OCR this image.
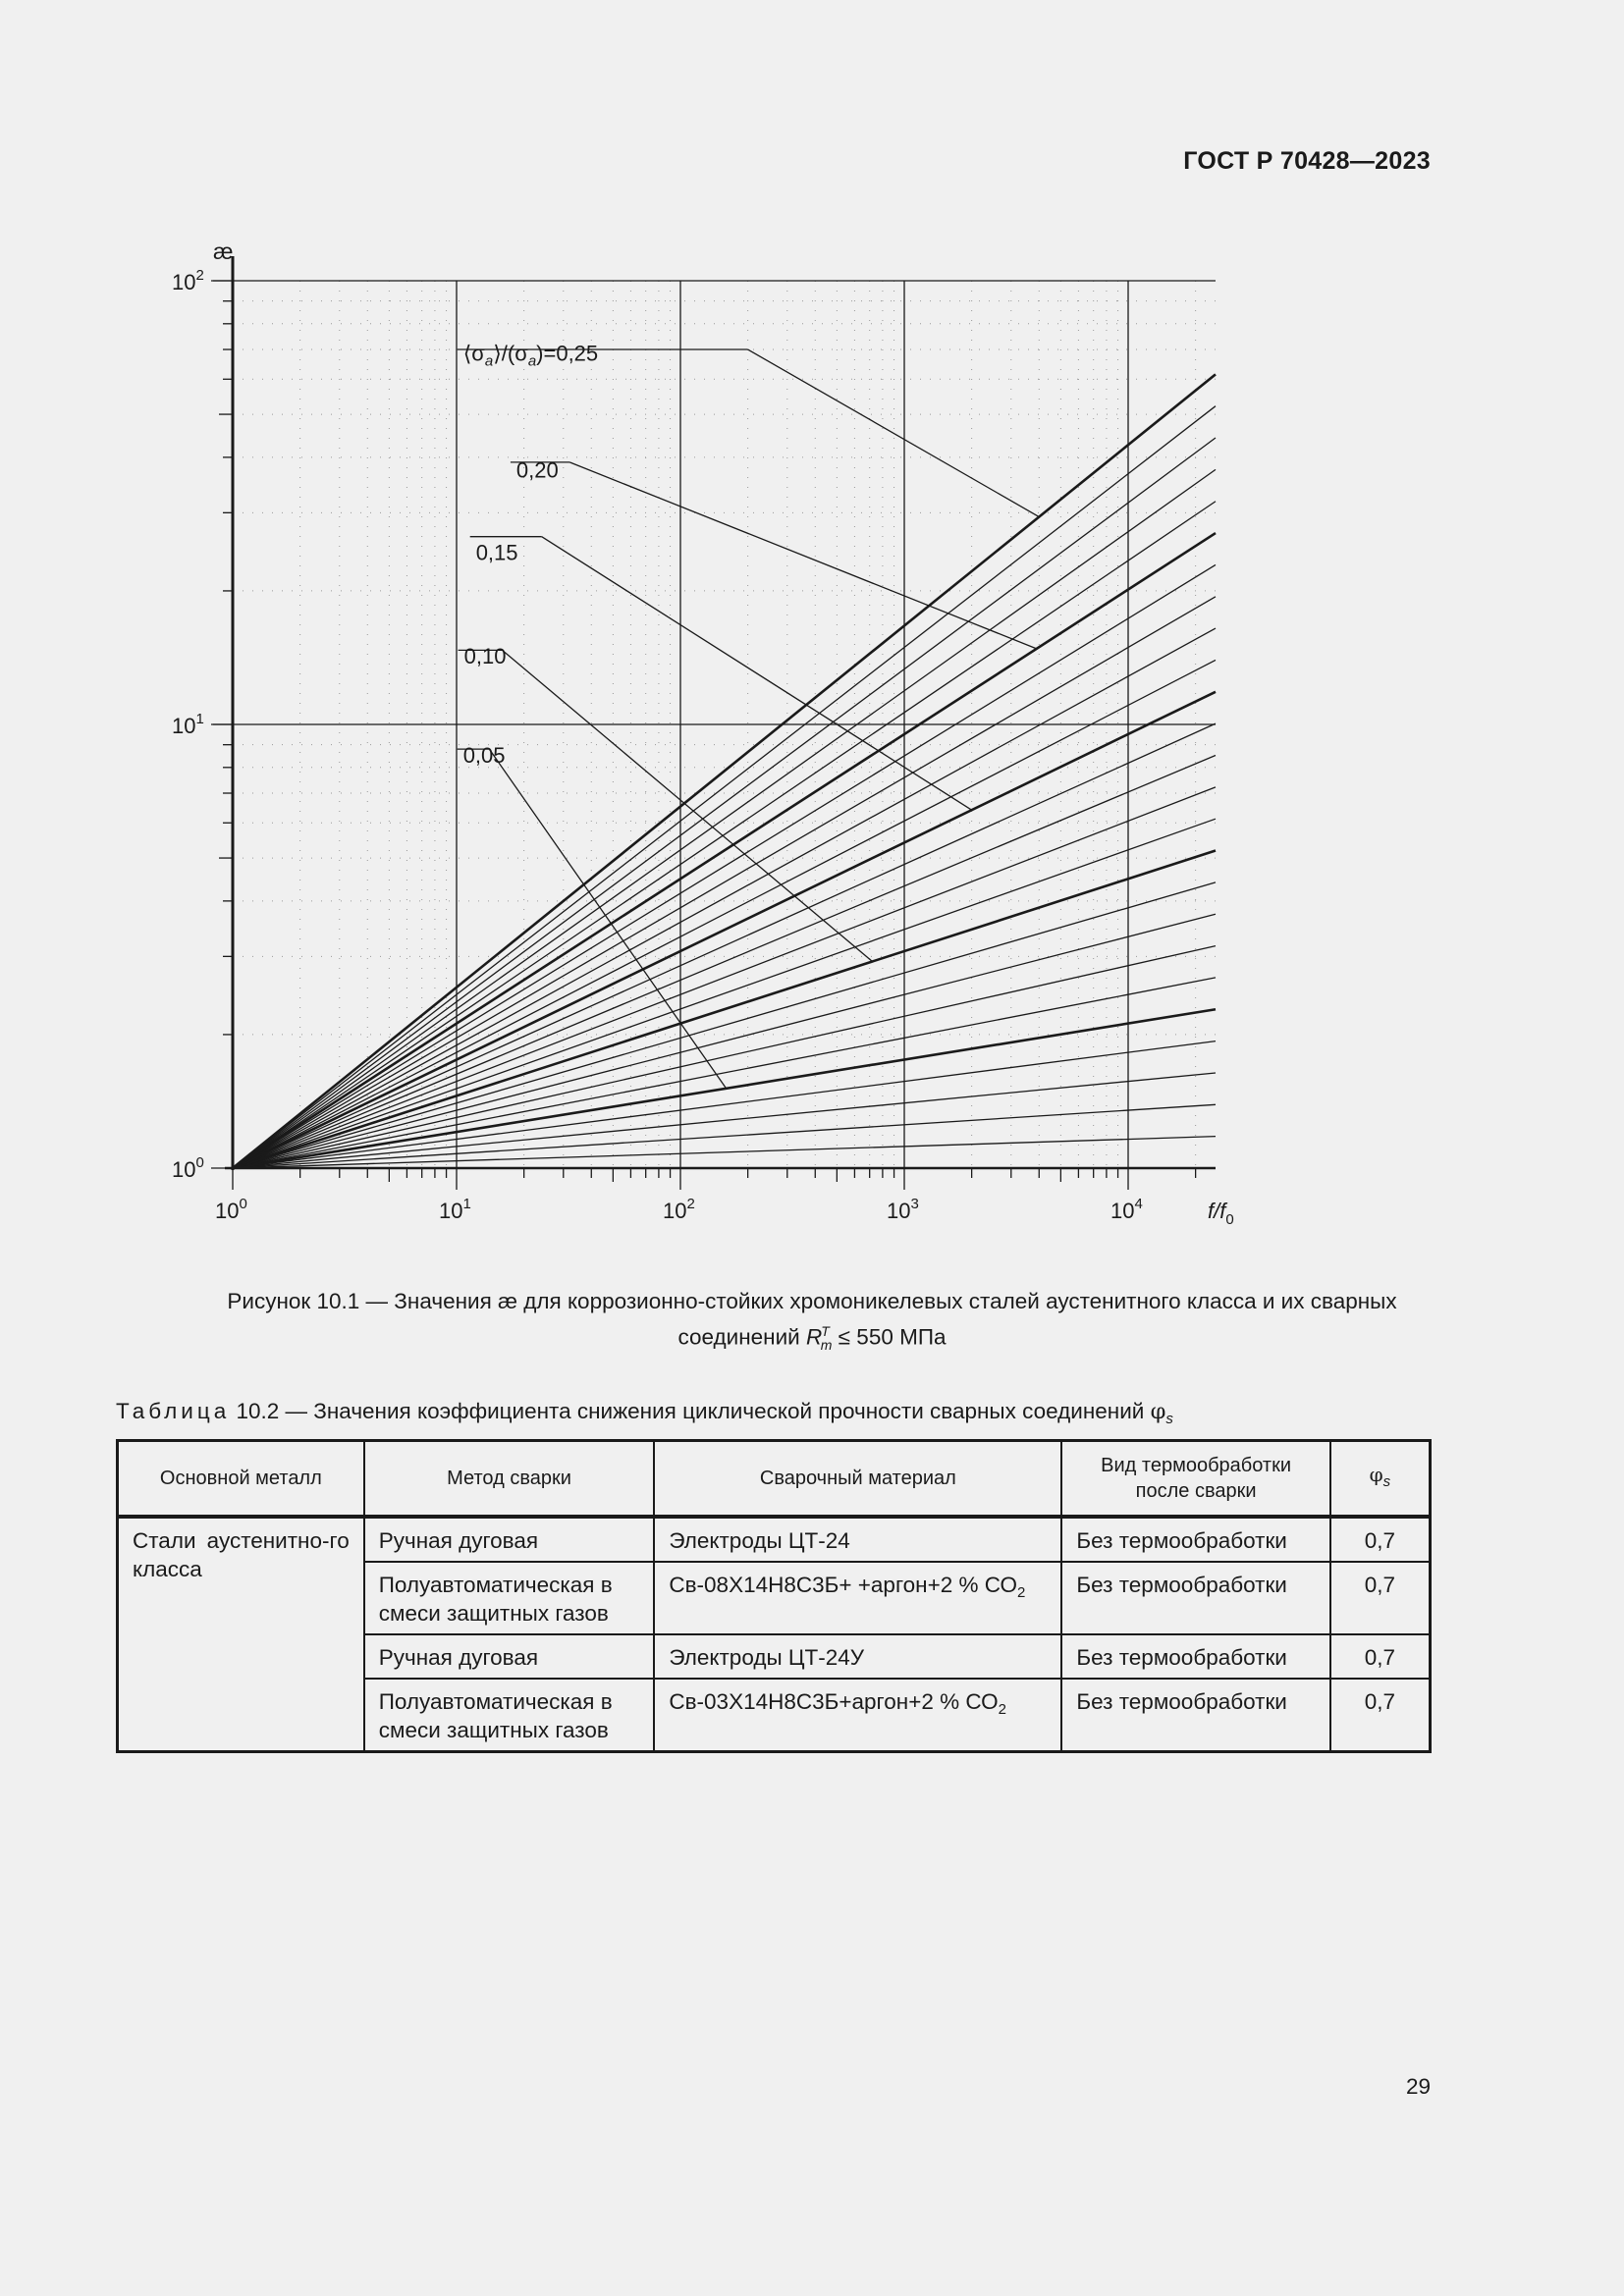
ГОСТ Р 70428—2023
$10^0$	$10^1$	$10^2$	$10^3$	$10^4$
$10^0$
$10^1$
$10^2$
æ
$f/f_0$
$⟨\sigma_a⟩/(\sigma_a)=0,25$
0,20
0,15
0,10
0,05
Рисунок 10.1 — Значения æ для коррозионно-стойких хромоникелевых сталей аустенитного класса и их сварных
соединений $R^T_m \le 550$ МПа
Таблица 10.2 — Значения коэффициента снижения циклической прочности сварных соединений $\varphi_s$
Основной металл	Метод сварки	Сварочный материал	Вид термообработки после сварки	$\varphi_s$
Стали аустенитно-го класса	Ручная дуговая	Электроды ЦТ-24	Без термообработки	0,7
	Полуавтоматическая в смеси защитных газов	Св-08Х14Н8С3Б+ +аргон+2 % $СО_2$	Без термообработки	0,7
	Ручная дуговая	Электроды ЦТ-24У	Без термообработки	0,7
	Полуавтоматическая в смеси защитных газов	Св-03Х14Н8С3Б+аргон+2 % $СО_2$	Без термообработки	0,7
29
